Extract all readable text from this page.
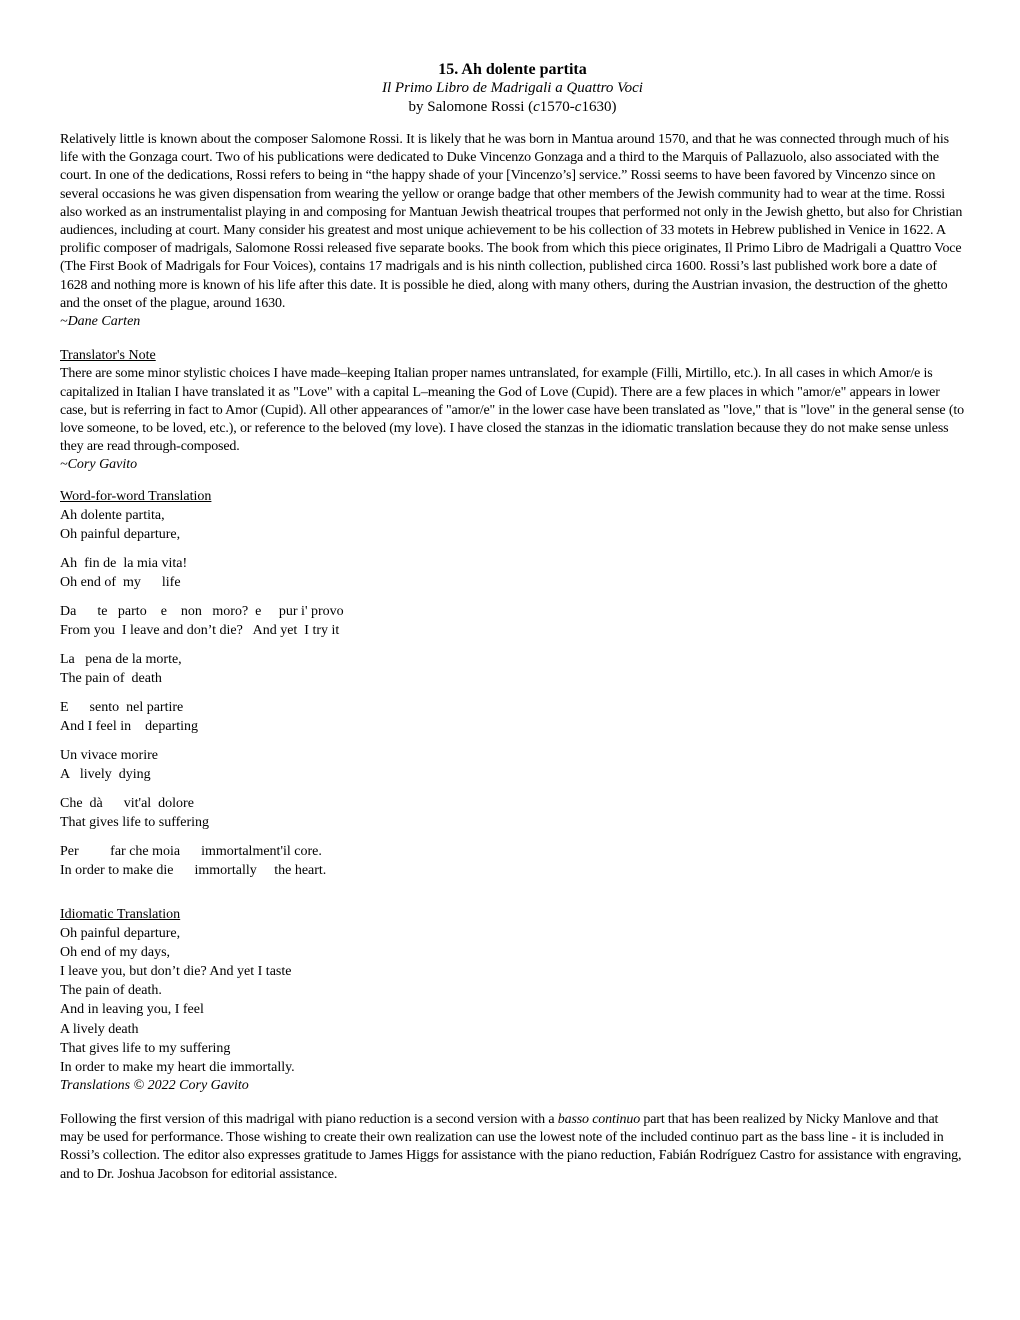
15. Ah dolente partita
Il Primo Libro de Madrigali a Quattro Voci
by Salomone Rossi (c1570-c1630)

Relatively little is known about the composer Salomone Rossi. It is likely that he was born in Mantua around 1570, and that he was connected through much of his life with the Gonzaga court. Two of his publications were dedicated to Duke Vincenzo Gonzaga and a third to the Marquis of Pallazuolo, also associated with the court. In one of the dedications, Rossi refers to being in “the happy shade of your [Vincenzo’s] service.” Rossi seems to have been favored by Vincenzo since on several occasions he was given dispensation from wearing the yellow or orange badge that other members of the Jewish community had to wear at the time. Rossi also worked as an instrumentalist playing in and composing for Mantuan Jewish theatrical troupes that performed not only in the Jewish ghetto, but also for Christian audiences, including at court. Many consider his greatest and most unique achievement to be his collection of 33 motets in Hebrew published in Venice in 1622. A prolific composer of madrigals, Salomone Rossi released five separate books. The book from which this piece originates, Il Primo Libro de Madrigali a Quattro Voce (The First Book of Madrigals for Four Voices), contains 17 madrigals and is his ninth collection, published circa 1600. Rossi’s last published work bore a date of 1628 and nothing more is known of his life after this date. It is possible he died, along with many others, during the Austrian invasion, the destruction of the ghetto and the onset of the plague, around 1630.

~Dane Carten
Translator's Note

There are some minor stylistic choices I have made–keeping Italian proper names untranslated, for example (Filli, Mirtillo, etc.). In all cases in which Amor/e is capitalized in Italian I have translated it as "Love" with a capital L–meaning the God of Love (Cupid). There are a few places in which "amor/e" appears in lower case, but is referring in fact to Amor (Cupid). All other appearances of "amor/e" in the lower case have been translated as "love," that is "love" in the general sense (to love someone, to be loved, etc.), or reference to the beloved (my love). I have closed the stanzas in the idiomatic translation because they do not make sense unless they are read through-composed.

~Cory Gavito
Word-for-word Translation
Ah dolente partita,
Oh painful departure,
Ah  fin de  la mia vita!
Oh end of  my      life
Da      te   parto    e    non   moro?  e     pur i' provo
From you  I leave and don’t die?   And yet  I try it
La   pena de la morte,
The pain of  death
E      sento  nel partire
And I feel in    departing
Un vivace morire
A   lively  dying
Che  dà      vit'al  dolore
That gives life to suffering
Per         far che moia      immortalment'il core.
In order to make die      immortally     the heart.
Idiomatic Translation
Oh painful departure,
Oh end of my days,
I leave you, but don’t die? And yet I taste
The pain of death.
And in leaving you, I feel
A lively death
That gives life to my suffering
In order to make my heart die immortally.
Translations © 2022 Cory Gavito

Following the first version of this madrigal with piano reduction is a second version with a basso continuo part that has been realized by Nicky Manlove and that may be used for performance. Those wishing to create their own realization can use the lowest note of the included continuo part as the bass line - it is included in Rossi’s collection. The editor also expresses gratitude to James Higgs for assistance with the piano reduction, Fabián Rodríguez Castro for assistance with engraving, and to Dr. Joshua Jacobson for editorial assistance.
